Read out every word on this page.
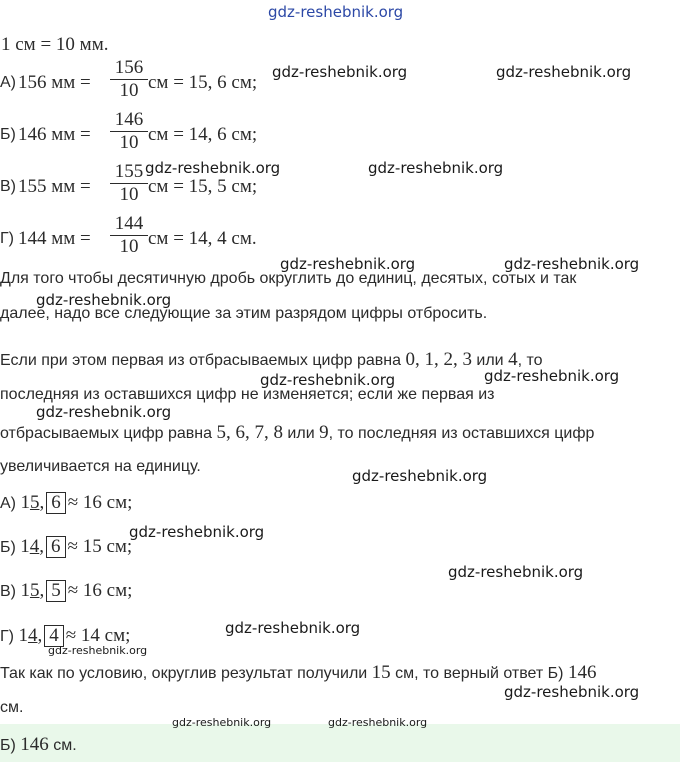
gdz-reshebnik.org
1 см = 10 мм.
А) 156 мм =
156
10 см = 15, 6 см;
Б) 146 мм =
146
10 см = 14, 6 см;
В) 155 мм =
155
10 см = 15, 5 см;
Г) 144 мм =
144
10 см = 14, 4 см.
Для того чтобы десятичную дробь округлить до единиц, десятых, сотых и так
далее, надо все следующие за этим разрядом цифры отбросить.
Если при этом первая из отбрасываемых цифр равна 0, 1, 2, 3 или 4, то
последняя из оставшихся цифр не изменяется; если же первая из
отбрасываемых цифр равна 5, 6, 7, 8 или 9, то последняя из оставшихся цифр
увеличивается на единицу.
А) 15, 6 ≈ 16 см;
Б) 14, 6 ≈ 15 см;
В) 15, 5 ≈ 16 см;
Г) 14, 4 ≈ 14 см;
Так как по условию, округлив результат получили 15 см, то верный ответ Б) 146
см.
Б) 146 см.
gdz-reshebnik.org	gdz-reshebnik.org
gdz-reshebnik.org	gdz-reshebnik.org
gdz-reshebnik.org	gdz-reshebnik.org
gdz-reshebnik.org
gdz-reshebnik.org	gdz-reshebnik.org
gdz-reshebnik.org
gdz-reshebnik.org
gdz-reshebnik.org
gdz-reshebnik.org
gdz-reshebnik.org
gdz-reshebnik.org
gdz-reshebnik.org
gdz-reshebnik.org	gdz-reshebnik.org
